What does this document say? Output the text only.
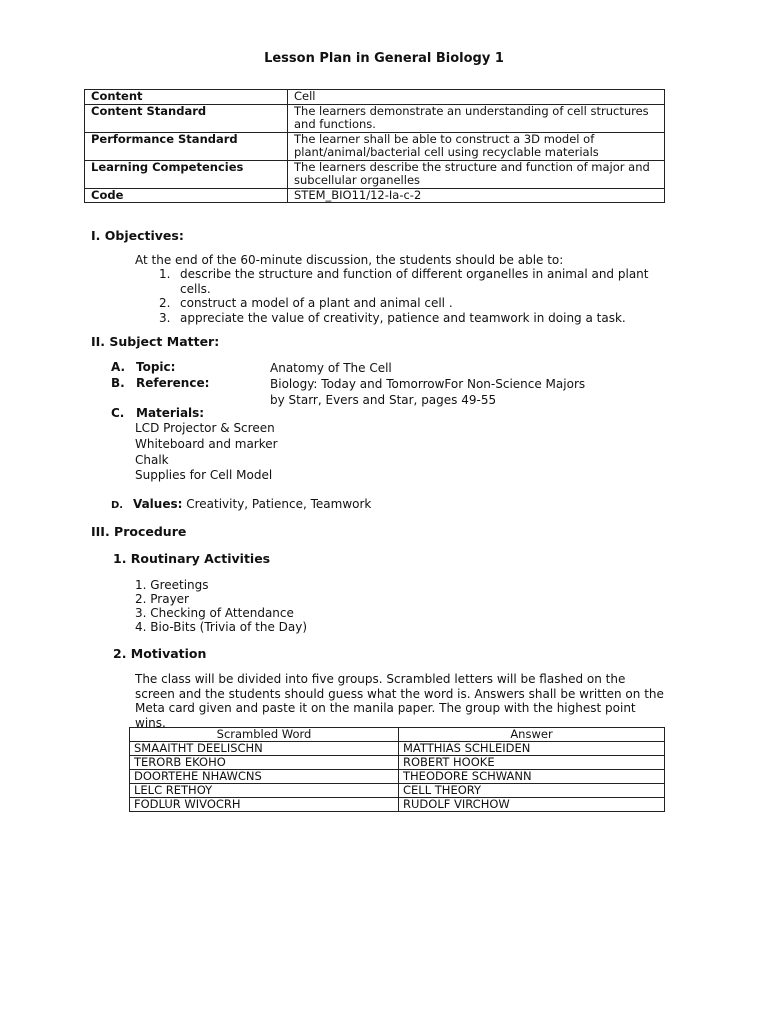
Lesson Plan in General Biology 1
Content	Cell
Content Standard	The learners demonstrate an understanding of cell structures and functions.
Performance Standard	The learner shall be able to construct a 3D model of plant/animal/bacterial cell using recyclable materials
Learning Competencies	The learners describe the structure and function of major and subcellular organelles
Code	STEM_BIO11/12-Ia-c-2
I. Objectives:
At the end of the 60-minute discussion, the students should be able to:
1. describe the structure and function of different organelles in animal and plant cells.
2. construct a model of a plant and animal cell .
3. appreciate the value of creativity, patience and teamwork in doing a task.
II. Subject Matter:
A. Topic:	Anatomy of The Cell
B. Reference:	Biology: Today and TomorrowFor Non-Science Majors
by Starr, Evers and Star, pages 49-55
C. Materials:
LCD Projector & Screen
Whiteboard and marker
Chalk
Supplies for Cell Model
D. Values: Creativity, Patience, Teamwork
III. Procedure
1. Routinary Activities
1. Greetings
2. Prayer
3. Checking of Attendance
4. Bio-Bits (Trivia of the Day)
2. Motivation
The class will be divided into five groups. Scrambled letters will be flashed on the screen and the students should guess what the word is. Answers shall be written on the Meta card given and paste it on the manila paper. The group with the highest point wins.
Scrambled Word	Answer
SMAAITHT DEELISCHN	MATTHIAS SCHLEIDEN
TERORB EKOHO	ROBERT HOOKE
DOORTEHE NHAWCNS	THEODORE SCHWANN
LELC RETHOY	CELL THEORY
FODLUR WIVOCRH	RUDOLF VIRCHOW
